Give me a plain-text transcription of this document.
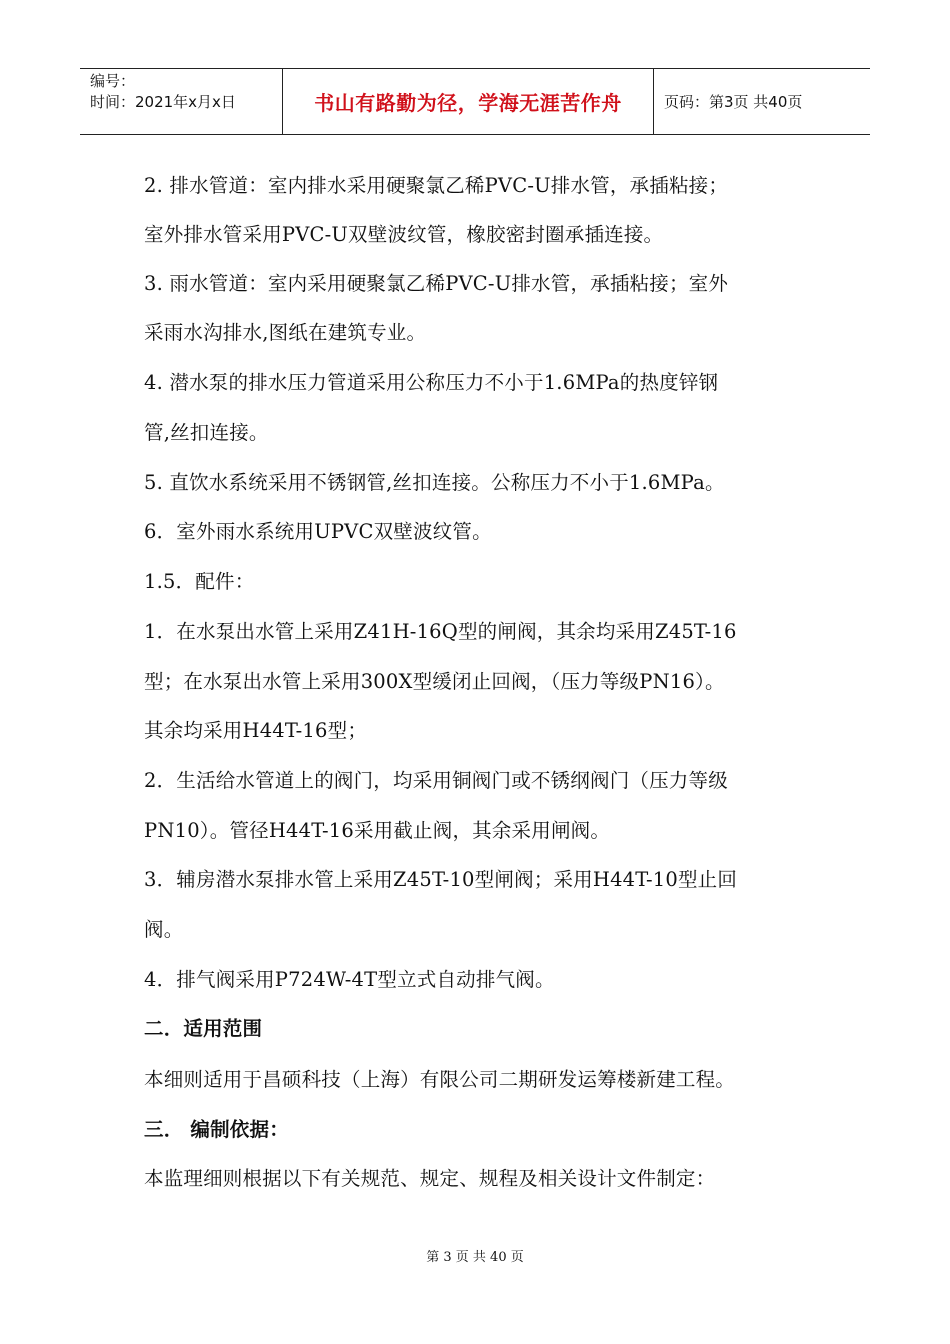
编号：
时间：2021年x月x日	书山有路勤为径，学海无涯苦作舟	页码：第3页 共40页
2. 排水管道：室内排水采用硬聚氯乙稀PVC-U排水管，承插粘接；
室外排水管采用PVC-U双壁波纹管，橡胶密封圈承插连接。
3. 雨水管道：室内采用硬聚氯乙稀PVC-U排水管，承插粘接；室外
采雨水沟排水,图纸在建筑专业。
4. 潜水泵的排水压力管道采用公称压力不小于1.6MPa的热度锌钢
管,丝扣连接。
5. 直饮水系统采用不锈钢管,丝扣连接。公称压力不小于1.6MPa。
6．室外雨水系统用UPVC双壁波纹管。
1.5．配件：
1．在水泵出水管上采用Z41H-16Q型的闸阀，其余均采用Z45T-16
型；在水泵出水管上采用300X型缓闭止回阀，（压力等级PN16）。
其余均采用H44T-16型；
2．生活给水管道上的阀门，均采用铜阀门或不锈纲阀门（压力等级
PN10）。管径H44T-16采用截止阀，其余采用闸阀。
3．辅房潜水泵排水管上采用Z45T-10型闸阀；采用H44T-10型止回
阀。
4．排气阀采用P724W-4T型立式自动排气阀。
二．适用范围
本细则适用于昌硕科技（上海）有限公司二期研发运筹楼新建工程。
三． 编制依据：
本监理细则根据以下有关规范、规定、规程及相关设计文件制定：
第 3 页 共 40 页
